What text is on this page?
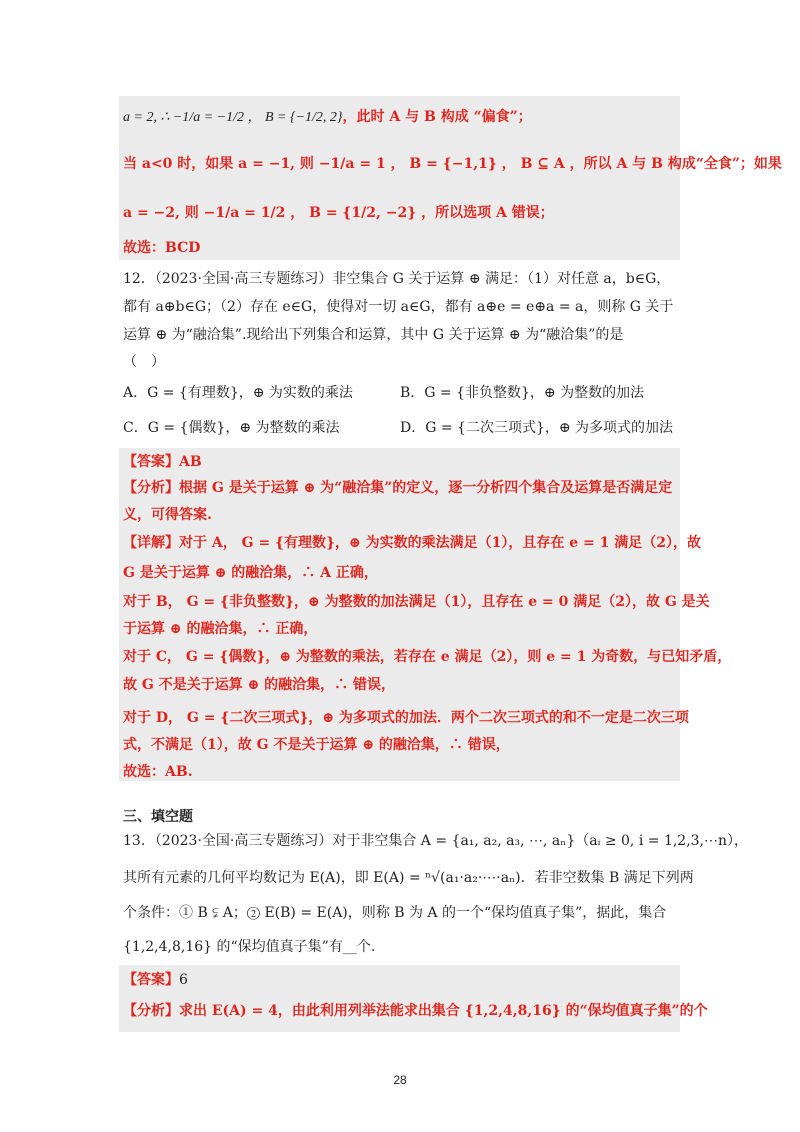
a = 2, ∴ −1/a = −1/2 ， B = {−1/2, 2}，此时 A 与 B 构成 “偏食”；
当 a<0 时，如果 a = −1, 则 −1/a = 1 ， B = {−1,1} ， B ⊆ A ，所以 A 与 B 构成“全食”；如果
a = −2, 则 −1/a = 1/2 ， B = {1/2, −2} ，所以选项 A 错误；
故选：BCD
12．（2023·全国·高三专题练习）非空集合 G 关于运算 ⊕ 满足：（1）对任意 a，b∈G，
都有 a⊕b∈G；（2）存在 e∈G，使得对一切 a∈G，都有 a⊕e = e⊕a = a，则称 G 关于
运算 ⊕ 为“融洽集”.现给出下列集合和运算，其中 G 关于运算 ⊕ 为“融洽集”的是
（　）
A．G = {有理数}，⊕ 为实数的乘法	B．G = {非负整数}，⊕ 为整数的加法
C．G = {偶数}，⊕ 为整数的乘法	D．G = {二次三项式}，⊕ 为多项式的加法
【答案】AB
【分析】根据 G 是关于运算 ⊕ 为“融洽集”的定义，逐一分析四个集合及运算是否满足定
义，可得答案.
【详解】对于 A， G = {有理数}，⊕ 为实数的乘法满足（1），且存在 e = 1 满足（2），故
G 是关于运算 ⊕ 的融洽集，∴ A 正确，
对于 B， G = {非负整数}，⊕ 为整数的加法满足（1），且存在 e = 0 满足（2），故 G 是关
于运算 ⊕ 的融洽集，∴ 正确，
对于 C， G = {偶数}，⊕ 为整数的乘法，若存在 e 满足（2），则 e = 1 为奇数，与已知矛盾，
故 G 不是关于运算 ⊕ 的融洽集，∴ 错误，
对于 D， G = {二次三项式}，⊕ 为多项式的加法．两个二次三项式的和不一定是二次三项
式，不满足（1），故 G 不是关于运算 ⊕ 的融洽集，∴ 错误，
故选：AB.
三、填空题
13．（2023·全国·高三专题练习）对于非空集合 A = {a₁, a₂, a₃, ⋯, aₙ}（aᵢ ≥ 0, i = 1,2,3,⋯n），
其所有元素的几何平均数记为 E(A)，即 E(A) = ⁿ√(a₁·a₂·⋯·aₙ)．若非空数集 B 满足下列两
个条件：① B ⫋ A；② E(B) = E(A)，则称 B 为 A 的一个“保均值真子集”，据此，集合
{1,2,4,8,16} 的“保均值真子集”有__个.
【答案】6
【分析】求出 E(A) = 4，由此利用列举法能求出集合 {1,2,4,8,16} 的“保均值真子集”的个
28
